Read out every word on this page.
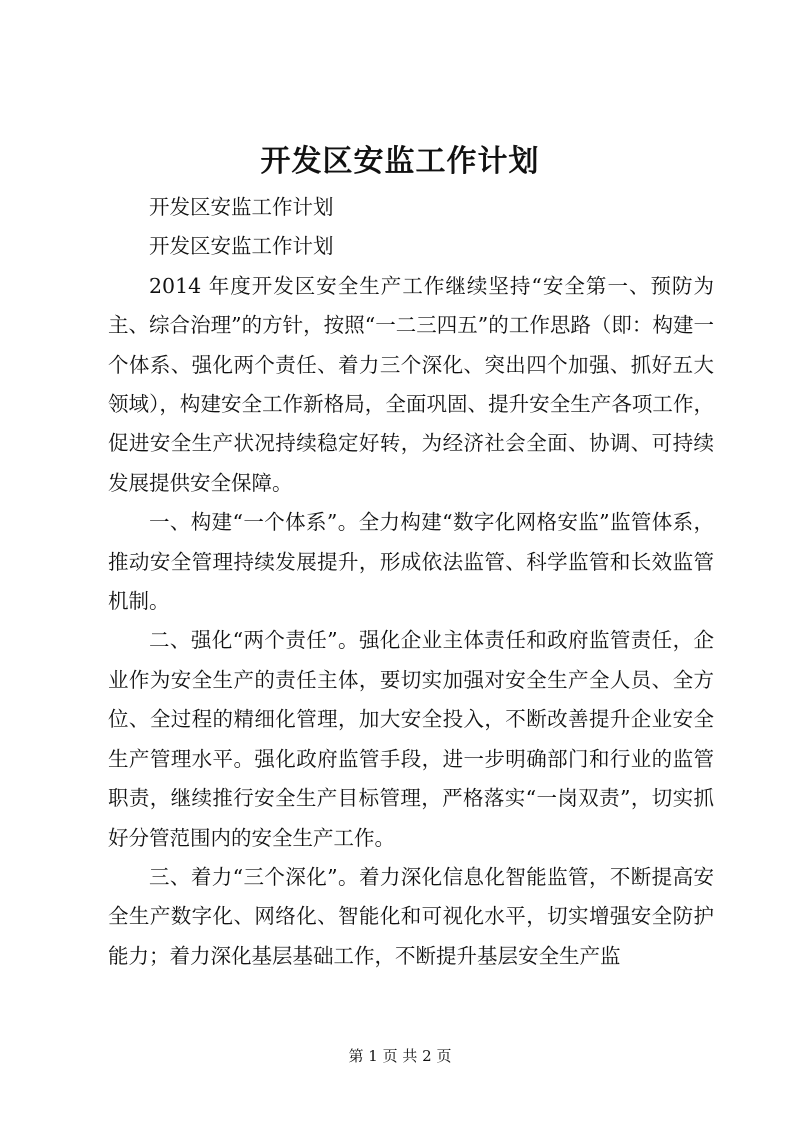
开发区安监工作计划

开发区安监工作计划

开发区安监工作计划

2014 年度开发区安全生产工作继续坚持“安全第一、预防为主、综合治理”的方针，按照“一二三四五”的工作思路（即：构建一个体系、强化两个责任、着力三个深化、突出四个加强、抓好五大领域），构建安全工作新格局，全面巩固、提升安全生产各项工作，促进安全生产状况持续稳定好转，为经济社会全面、协调、可持续发展提供安全保障。

一、构建“一个体系”。全力构建“数字化网格安监”监管体系，推动安全管理持续发展提升，形成依法监管、科学监管和长效监管机制。

二、强化“两个责任”。强化企业主体责任和政府监管责任，企业作为安全生产的责任主体，要切实加强对安全生产全人员、全方位、全过程的精细化管理，加大安全投入，不断改善提升企业安全生产管理水平。强化政府监管手段，进一步明确部门和行业的监管职责，继续推行安全生产目标管理，严格落实“一岗双责”，切实抓好分管范围内的安全生产工作。

三、着力“三个深化”。着力深化信息化智能监管，不断提高安全生产数字化、网络化、智能化和可视化水平，切实增强安全防护能力；着力深化基层基础工作，不断提升基层安全生产监

第 1 页 共 2 页
